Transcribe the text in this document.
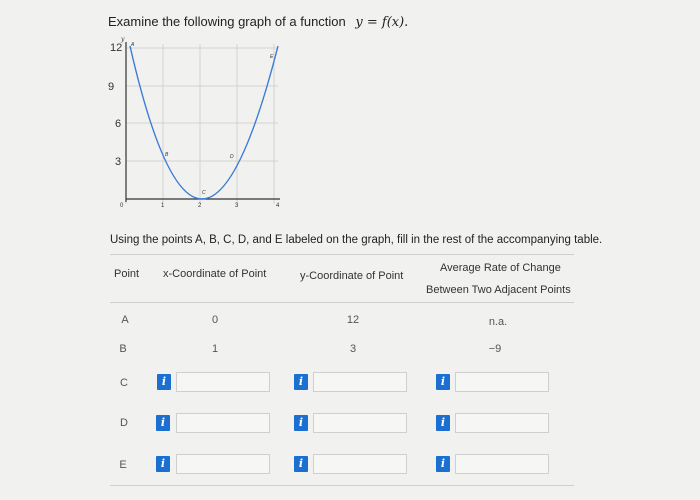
Examine the following graph of a function y = f(x).
12
9
6
3
y
0	1	2	3	4
A
B
C
D
E
Using the points A, B, C, D, and E labeled on the graph, fill in the rest of the accompanying table.
Point x-Coordinate of Point	y-Coordinate of Point
Average Rate of Change
Between Two Adjacent Points
A	0	12	n.a.
B	1	3	−9
C	i	i	i
D	i	i	i
E	i	i	i
